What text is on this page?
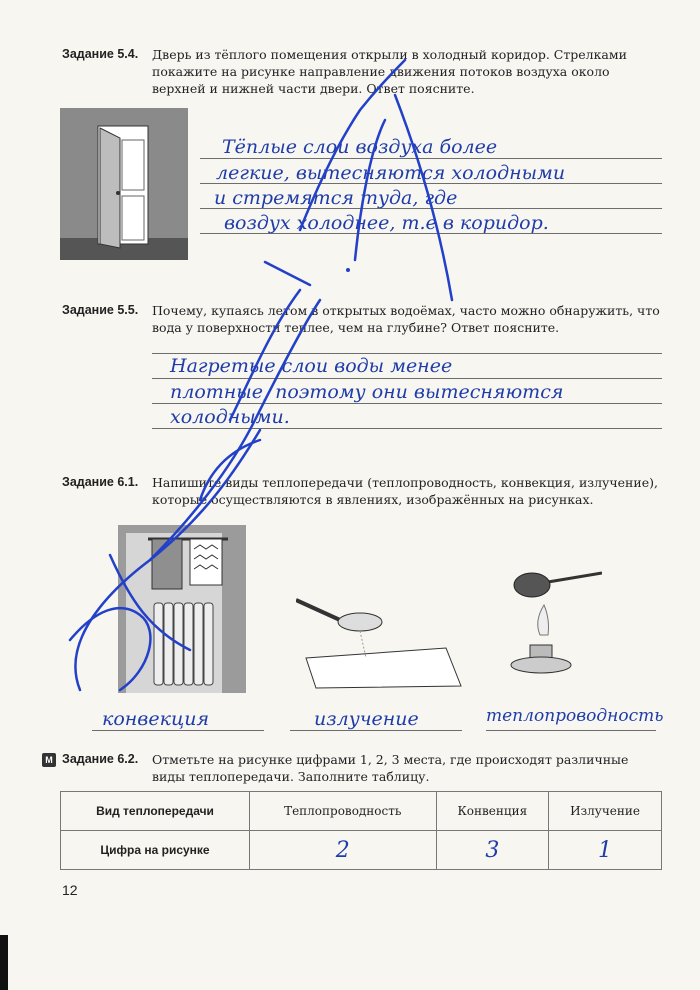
Задание 5.4. Дверь из тёплого помещения открыли в холодный коридор. Стрелками покажите на рисунке направление движения потоков воздуха около верхней и нижней части двери. Ответ поясните.
Тёплые слои воздуха более
легкие, вытесняются холодными
и стремятся туда, где
воздух холоднее, т.е в коридор.
Задание 5.5. Почему, купаясь летом в открытых водоёмах, часто можно обнаружить, что вода у поверхности теплее, чем на глубине? Ответ поясните.
Нагретые слои воды менее
плотные, поэтому они вытесняются
холодными.
Задание 6.1. Напишите виды теплопередачи (теплопроводность, конвекция, излучение), которые осуществляются в явлениях, изображённых на рисунках.
конвекция	излучение	теплопроводность
М Задание 6.2. Отметьте на рисунке цифрами 1, 2, 3 места, где происходят различные виды теплопередачи. Заполните таблицу.
Вид теплопередачи	Теплопроводность	Конвенция	Излучение
Цифра на рисунке	2	3	1
12
